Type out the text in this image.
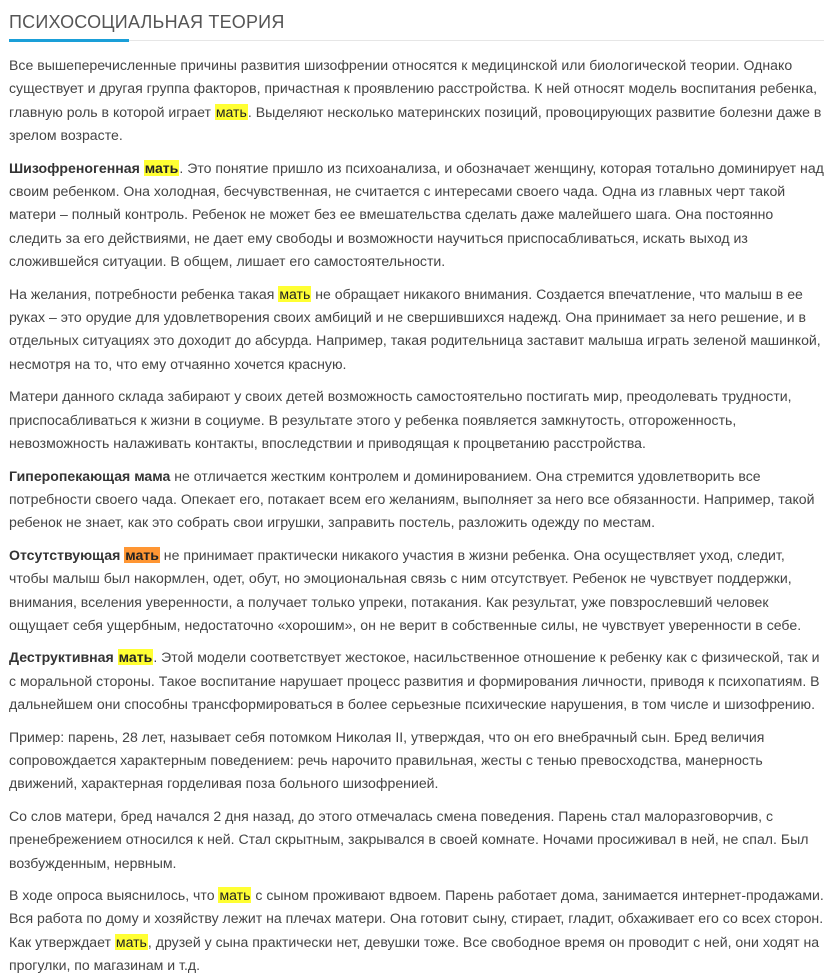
ПСИХОСОЦИАЛЬНАЯ ТЕОРИЯ

Все вышеперечисленные причины развития шизофрении относятся к медицинской или биологической теории. Однако существует и другая группа факторов, причастная к проявлению расстройства. К ней относят модель воспитания ребенка, главную роль в которой играет мать. Выделяют несколько материнских позиций, провоцирующих развитие болезни даже в зрелом возрасте.

Шизофреногенная мать. Это понятие пришло из психоанализа, и обозначает женщину, которая тотально доминирует над своим ребенком. Она холодная, бесчувственная, не считается с интересами своего чада. Одна из главных черт такой матери – полный контроль. Ребенок не может без ее вмешательства сделать даже малейшего шага. Она постоянно следить за его действиями, не дает ему свободы и возможности научиться приспосабливаться, искать выход из сложившейся ситуации. В общем, лишает его самостоятельности.

На желания, потребности ребенка такая мать не обращает никакого внимания. Создается впечатление, что малыш в ее руках – это орудие для удовлетворения своих амбиций и не свершившихся надежд. Она принимает за него решение, и в отдельных ситуациях это доходит до абсурда. Например, такая родительница заставит малыша играть зеленой машинкой, несмотря на то, что ему отчаянно хочется красную.

Матери данного склада забирают у своих детей возможность самостоятельно постигать мир, преодолевать трудности, приспосабливаться к жизни в социуме. В результате этого у ребенка появляется замкнутость, отгороженность, невозможность налаживать контакты, впоследствии и приводящая к процветанию расстройства.

Гиперопекающая мама не отличается жестким контролем и доминированием. Она стремится удовлетворить все потребности своего чада. Опекает его, потакает всем его желаниям, выполняет за него все обязанности. Например, такой ребенок не знает, как это собрать свои игрушки, заправить постель, разложить одежду по местам.

Отсутствующая мать не принимает практически никакого участия в жизни ребенка. Она осуществляет уход, следит, чтобы малыш был накормлен, одет, обут, но эмоциональная связь с ним отсутствует. Ребенок не чувствует поддержки, внимания, вселения уверенности, а получает только упреки, потакания. Как результат, уже повзрослевший человек ощущает себя ущербным, недостаточно «хорошим», он не верит в собственные силы, не чувствует уверенности в себе.

Деструктивная мать. Этой модели соответствует жестокое, насильственное отношение к ребенку как с физической, так и с моральной стороны. Такое воспитание нарушает процесс развития и формирования личности, приводя к психопатиям. В дальнейшем они способны трансформироваться в более серьезные психические нарушения, в том числе и шизофрению.

Пример: парень, 28 лет, называет себя потомком Николая II, утверждая, что он его внебрачный сын. Бред величия сопровождается характерным поведением: речь нарочито правильная, жесты с тенью превосходства, манерность движений, характерная горделивая поза больного шизофренией.

Со слов матери, бред начался 2 дня назад, до этого отмечалась смена поведения. Парень стал малоразговорчив, с пренебрежением относился к ней. Стал скрытным, закрывался в своей комнате. Ночами просиживал в ней, не спал. Был возбужденным, нервным.

В ходе опроса выяснилось, что мать с сыном проживают вдвоем. Парень работает дома, занимается интернет-продажами. Вся работа по дому и хозяйству лежит на плечах матери. Она готовит сыну, стирает, гладит, обхаживает его со всех сторон. Как утверждает мать, друзей у сына практически нет, девушки тоже. Все свободное время он проводит с ней, они ходят на прогулки, по магазинам и т.д.
